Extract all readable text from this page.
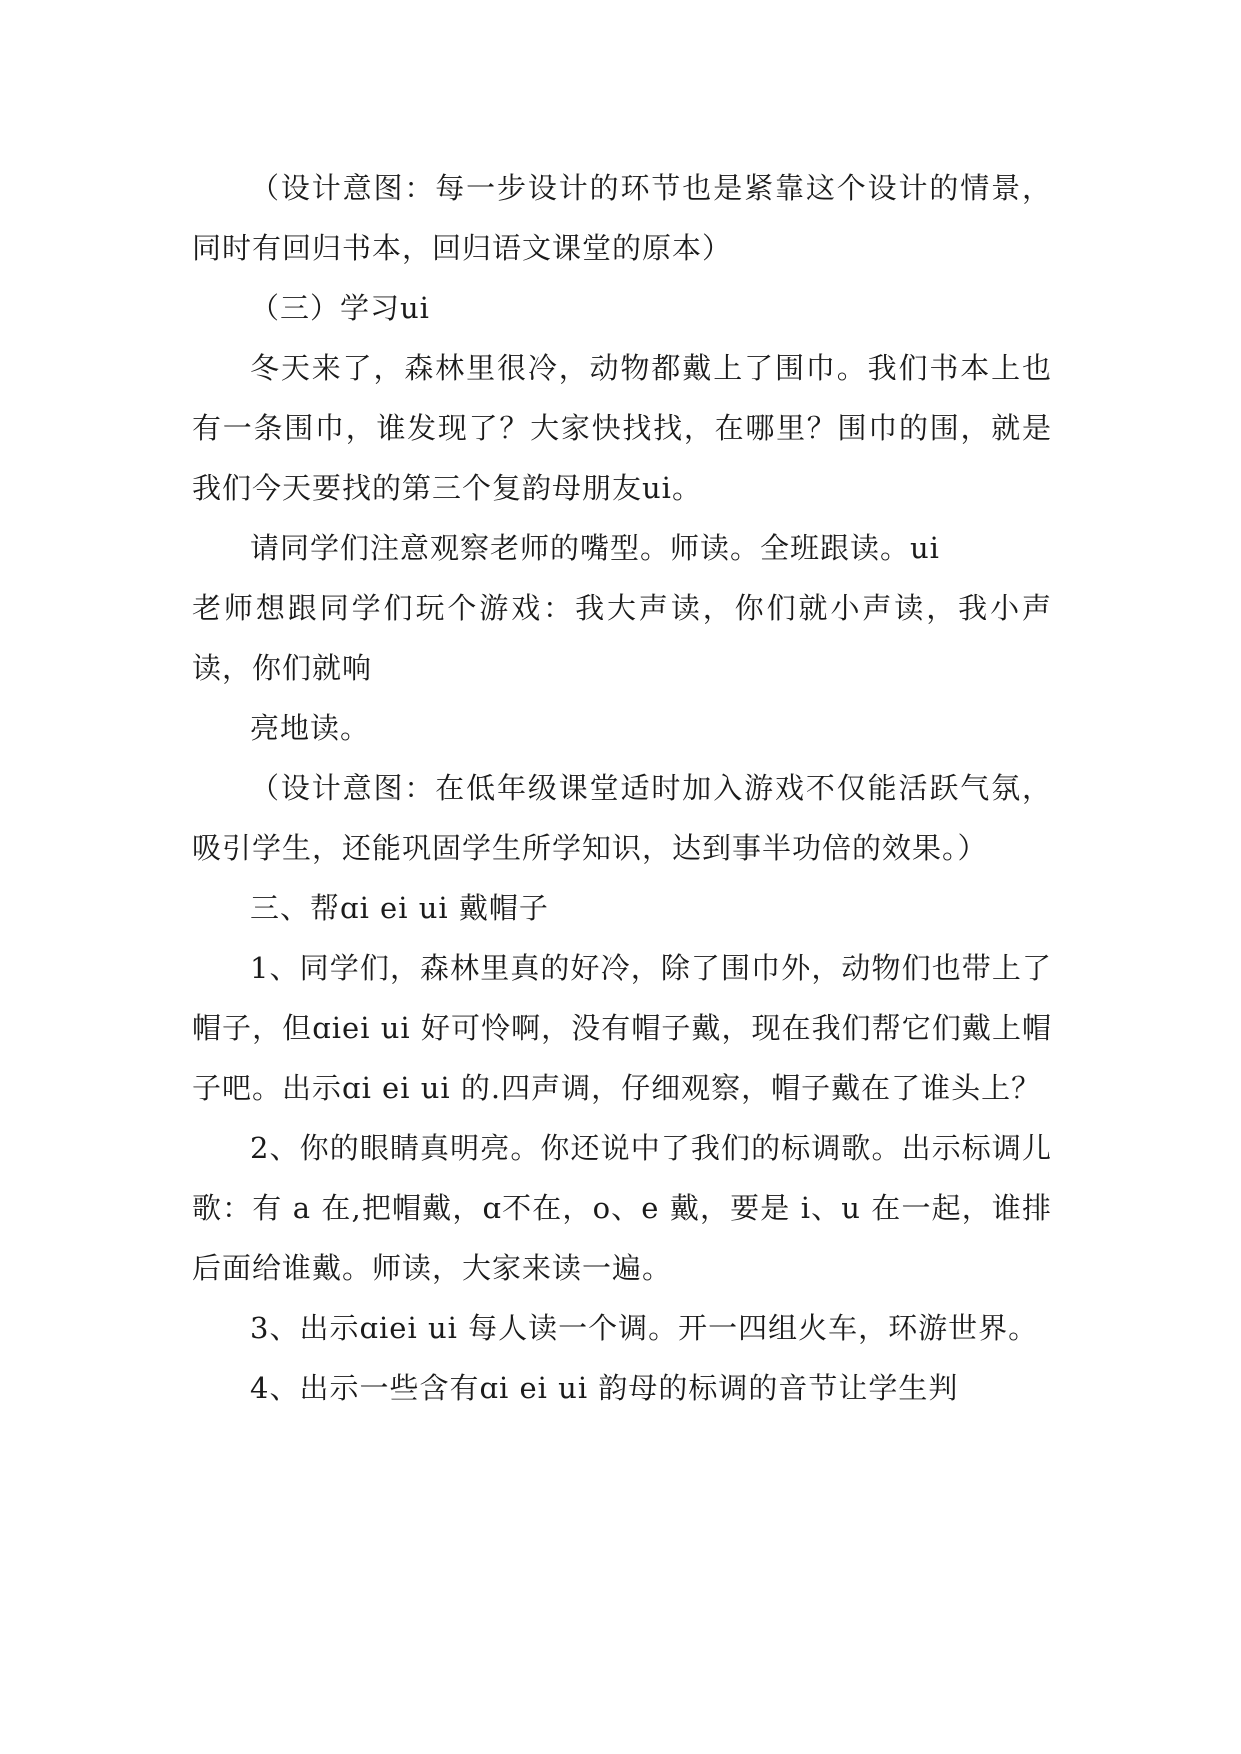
（设计意图：每一步设计的环节也是紧靠这个设计的情景，同时有回归书本，回归语文课堂的原本）

（三）学习ui

冬天来了，森林里很冷，动物都戴上了围巾。我们书本上也有一条围巾，谁发现了？大家快找找，在哪里？围巾的围，就是我们今天要找的第三个复韵母朋友ui。

请同学们注意观察老师的嘴型。师读。全班跟读。ui

老师想跟同学们玩个游戏：我大声读，你们就小声读，我小声读，你们就响

亮地读。

（设计意图：在低年级课堂适时加入游戏不仅能活跃气氛，吸引学生，还能巩固学生所学知识，达到事半功倍的效果。）

三、帮ɑi ei ui 戴帽子

1、同学们，森林里真的好冷，除了围巾外，动物们也带上了帽子，但ɑiei ui 好可怜啊，没有帽子戴，现在我们帮它们戴上帽子吧。出示ɑi ei ui 的.四声调，仔细观察，帽子戴在了谁头上？

2、你的眼睛真明亮。你还说中了我们的标调歌。出示标调儿歌：有 a 在,把帽戴，ɑ不在，o、e 戴，要是 i、u 在一起，谁排后面给谁戴。师读，大家来读一遍。

3、出示ɑiei ui 每人读一个调。开一四组火车，环游世界。

4、出示一些含有ɑi ei ui 韵母的标调的音节让学生判
